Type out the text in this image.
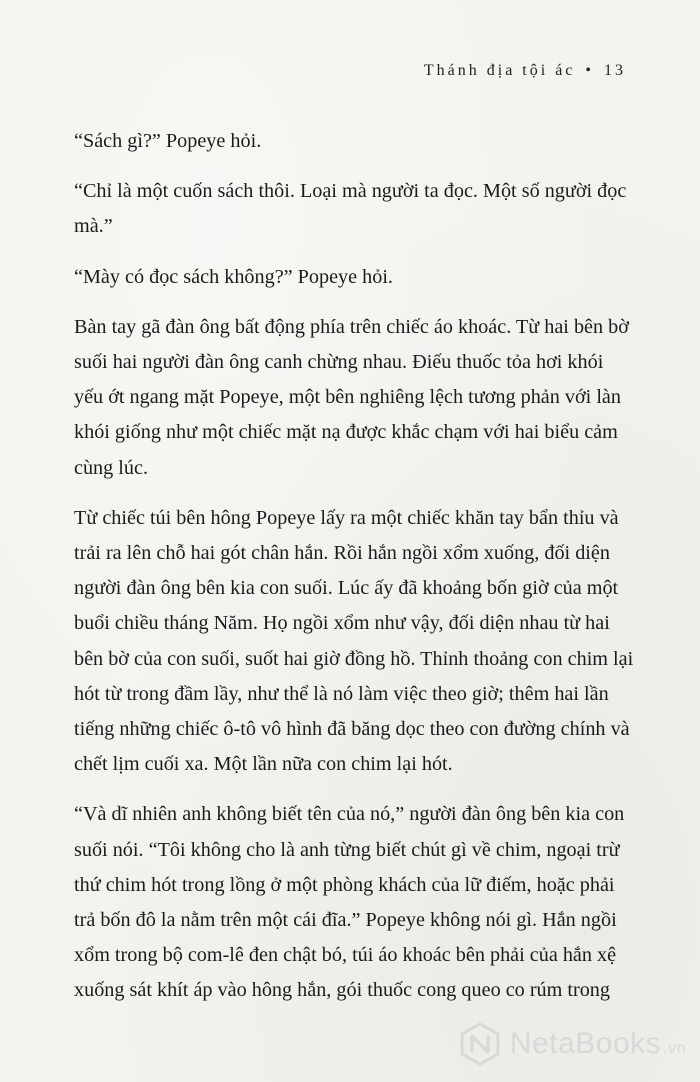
Thánh địa tội ác • 13

“Sách gì?” Popeye hỏi.

“Chỉ là một cuốn sách thôi. Loại mà người ta đọc. Một số người đọc mà.”

“Mày có đọc sách không?” Popeye hỏi.

Bàn tay gã đàn ông bất động phía trên chiếc áo khoác. Từ hai bên bờ suối hai người đàn ông canh chừng nhau. Điếu thuốc tỏa hơi khói yếu ớt ngang mặt Popeye, một bên nghiêng lệch tương phản với làn khói giống như một chiếc mặt nạ được khắc chạm với hai biểu cảm cùng lúc.

Từ chiếc túi bên hông Popeye lấy ra một chiếc khăn tay bẩn thỉu và trải ra lên chỗ hai gót chân hắn. Rồi hắn ngồi xổm xuống, đối diện người đàn ông bên kia con suối. Lúc ấy đã khoảng bốn giờ của một buổi chiều tháng Năm. Họ ngồi xổm như vậy, đối diện nhau từ hai bên bờ của con suối, suốt hai giờ đồng hồ. Thỉnh thoảng con chim lại hót từ trong đầm lầy, như thể là nó làm việc theo giờ; thêm hai lần tiếng những chiếc ô-tô vô hình đã băng dọc theo con đường chính và chết lịm cuối xa. Một lần nữa con chim lại hót.

“Và dĩ nhiên anh không biết tên của nó,” người đàn ông bên kia con suối nói. “Tôi không cho là anh từng biết chút gì về chim, ngoại trừ thứ chim hót trong lồng ở một phòng khách của lữ điếm, hoặc phải trả bốn đô la nằm trên một cái đĩa.” Popeye không nói gì. Hắn ngồi xổm trong bộ com-lê đen chật bó, túi áo khoác bên phải của hắn xệ xuống sát khít áp vào hông hắn, gói thuốc cong queo co rúm trong

NetaBooks .vn
